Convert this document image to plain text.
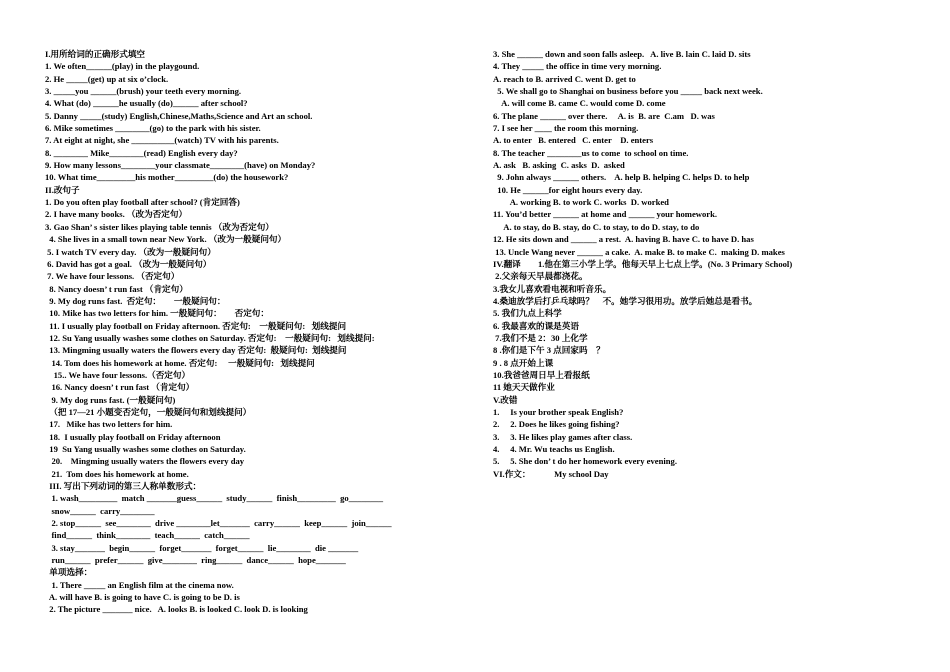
I.用所给词的正确形式填空
1. We often______(play) in the playgound.
2. He _____(get) up at six o’clock.
3. _____you ______(brush) your teeth every morning.
4. What (do) ______he usually (do)______ after school?
5. Danny _____(study) English,Chinese,Maths,Science and Art an school.
6. Mike sometimes ________(go) to the park with his sister.
7. At eight at night, she __________(watch) TV with his parents.
8. ________ Mike________(read) English every day?
9. How many lessons________your classmate________(have) on Monday?
10. What time_________his mother_________(do) the housework?
II.改句子
1. Do you often play football after school? (肯定回答)
2. I have many books. （改为否定句）
3. Gao Shan’ s sister likes playing table tennis （改为否定句）
4. She lives in a small town near New York. （改为一般疑问句）
5. I watch TV every day. （改为一般疑问句）
6. David has got a goal. （改为一般疑问句）
7. We have four lessons. （否定句）
8. Nancy doesn’ t run fast （肯定句）
9. My dog runs fast.  否定句：      一般疑问句：
10. Mike has two letters for him. 一般疑问句：      否定句：
11. I usually play football on Friday afternoon. 否定句:    一般疑问句:   划线提问
12. Su Yang usually washes some clothes on Saturday. 否定句:    一般疑问句:   划线提问:
13. Mingming usually waters the flowers every day 否定句:  般疑问句:  划线提问
14. Tom does his homework at home. 否定句:     一般疑问句:   划线提问
15.. We have four lessons.（否定句）
16. Nancy doesn’ t run fast （肯定句）
9. My dog runs fast. (一般疑问句)
（把 17—21 小题变否定句，一般疑问句和划线提问）
17.   Mike has two letters for him.
18.  I usually play football on Friday afternoon
19  Su Yang usually washes some clothes on Saturday.
20.    Mingming usually waters the flowers every day
21.  Tom does his homework at home.
III. 写出下列动词的第三人称单数形式：
1. wash_________  match _______guess______  study______  finish_________  go________
snow______  carry________
2. stop______  see________  drive ________let_______  carry______  keep______  join______
find______  think________  teach______  catch______
3. stay_______  begin______  forget_______  forget______  lie________  die _______
run______  prefer______  give________  ring______  dance______  hope_______
单项选择：
1. There _____ an English film at the cinema now.
A. will have B. is going to have C. is going to be D. is
2. The picture _______ nice.   A. looks B. is looked C. look D. is looking
3. She ______ down and soon falls asleep.   A. live B. lain C. laid D. sits
4. They _____ the office in time very morning.
A. reach to B. arrived C. went D. get to
5. We shall go to Shanghai on business before you _____ back next week.
A. will come B. came C. would come D. come
6. The plane ______ over there.     A. is  B. are  C.am   D. was
7. I see her ____ the room this morning.
A. to enter   B. entered   C. enter    D. enters
8. The teacher ________us to come  to school on time.
A. ask   B. asking  C. asks  D.  asked
9. John always ______ others.    A. help B. helping C. helps D. to help
10. He ______for eight hours every day.
A. working B. to work C. works  D. worked
11. You’d better ______ at home and ______ your homework.
A. to stay, do B. stay, do C. to stay, to do D. stay, to do
12. He sits down and ______ a rest.  A. having B. have C. to have D. has
13. Uncle Wang never ______ a cake.  A. make B. to make C.  making D. makes
IV.翻译        1.他在第三小学上学。他每天早上七点上学。(No. 3 Primary School)
2.父亲每天早晨都浇花。
3.我女儿喜欢看电视和听音乐。
4.桑迪放学后打乒乓球吗？    不。她学习很用功。放学后她总是看书。
5. 我们九点上科学
6. 我最喜欢的课是英语
7.我们不是 2：30 上化学
8 .你们是下午 3 点回家吗    ？
9 . 8 点开始上课
10.我爸爸周日早上看报纸
11 她天天做作业
V.改错
1.     Is your brother speak English?
2.     2. Does he likes going fishing?
3.     3. He likes play games after class.
4.     4. Mr. Wu teachs us English.
5.     5. She don’ t do her homework every evening.
VI.作文：           My school Day
